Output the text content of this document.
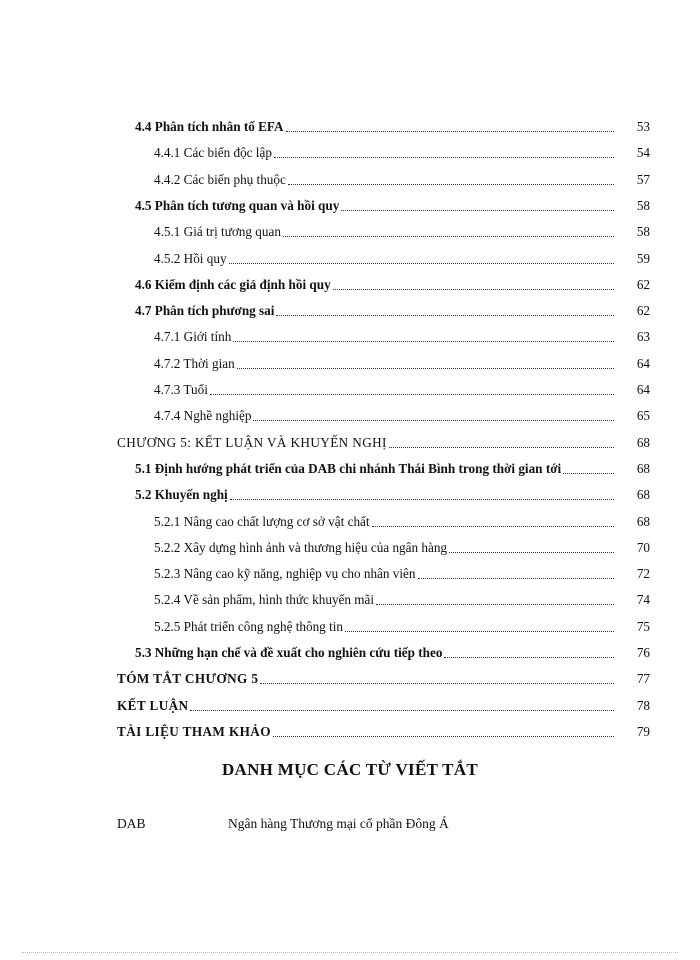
4.4 Phân tích nhân tố EFA	53
4.4.1 Các biến độc lập	54
4.4.2 Các biến phụ thuộc	57
4.5 Phân tích tương quan và hồi quy	58
4.5.1 Giá trị tương quan	58
4.5.2 Hồi quy	59
4.6 Kiểm định các giả định hồi quy	62
4.7 Phân tích phương sai	62
4.7.1 Giới tính	63
4.7.2 Thời gian	64
4.7.3 Tuổi	64
4.7.4 Nghề nghiệp	65
CHƯƠNG 5: KẾT LUẬN VÀ KHUYẾN NGHỊ	68
5.1 Định hướng phát triển của DAB chi nhánh Thái Bình trong thời gian tới	68
5.2 Khuyến nghị	68
5.2.1 Nâng cao chất lượng cơ sở vật chất	68
5.2.2 Xây dựng hình ảnh và thương hiệu của ngân hàng	70
5.2.3 Nâng cao kỹ năng, nghiệp vụ cho nhân viên	72
5.2.4 Về sản phẩm, hình thức khuyến mãi	74
5.2.5 Phát triển công nghệ thông tin	75
5.3 Những hạn chế và đề xuất cho nghiên cứu tiếp theo	76
TÓM TẮT CHƯƠNG 5	77
KẾT LUẬN	78
TÀI LIỆU THAM KHẢO	79
DANH MỤC CÁC TỪ VIẾT TẮT
DAB	Ngân hàng Thương mại cổ phần Đông Á
